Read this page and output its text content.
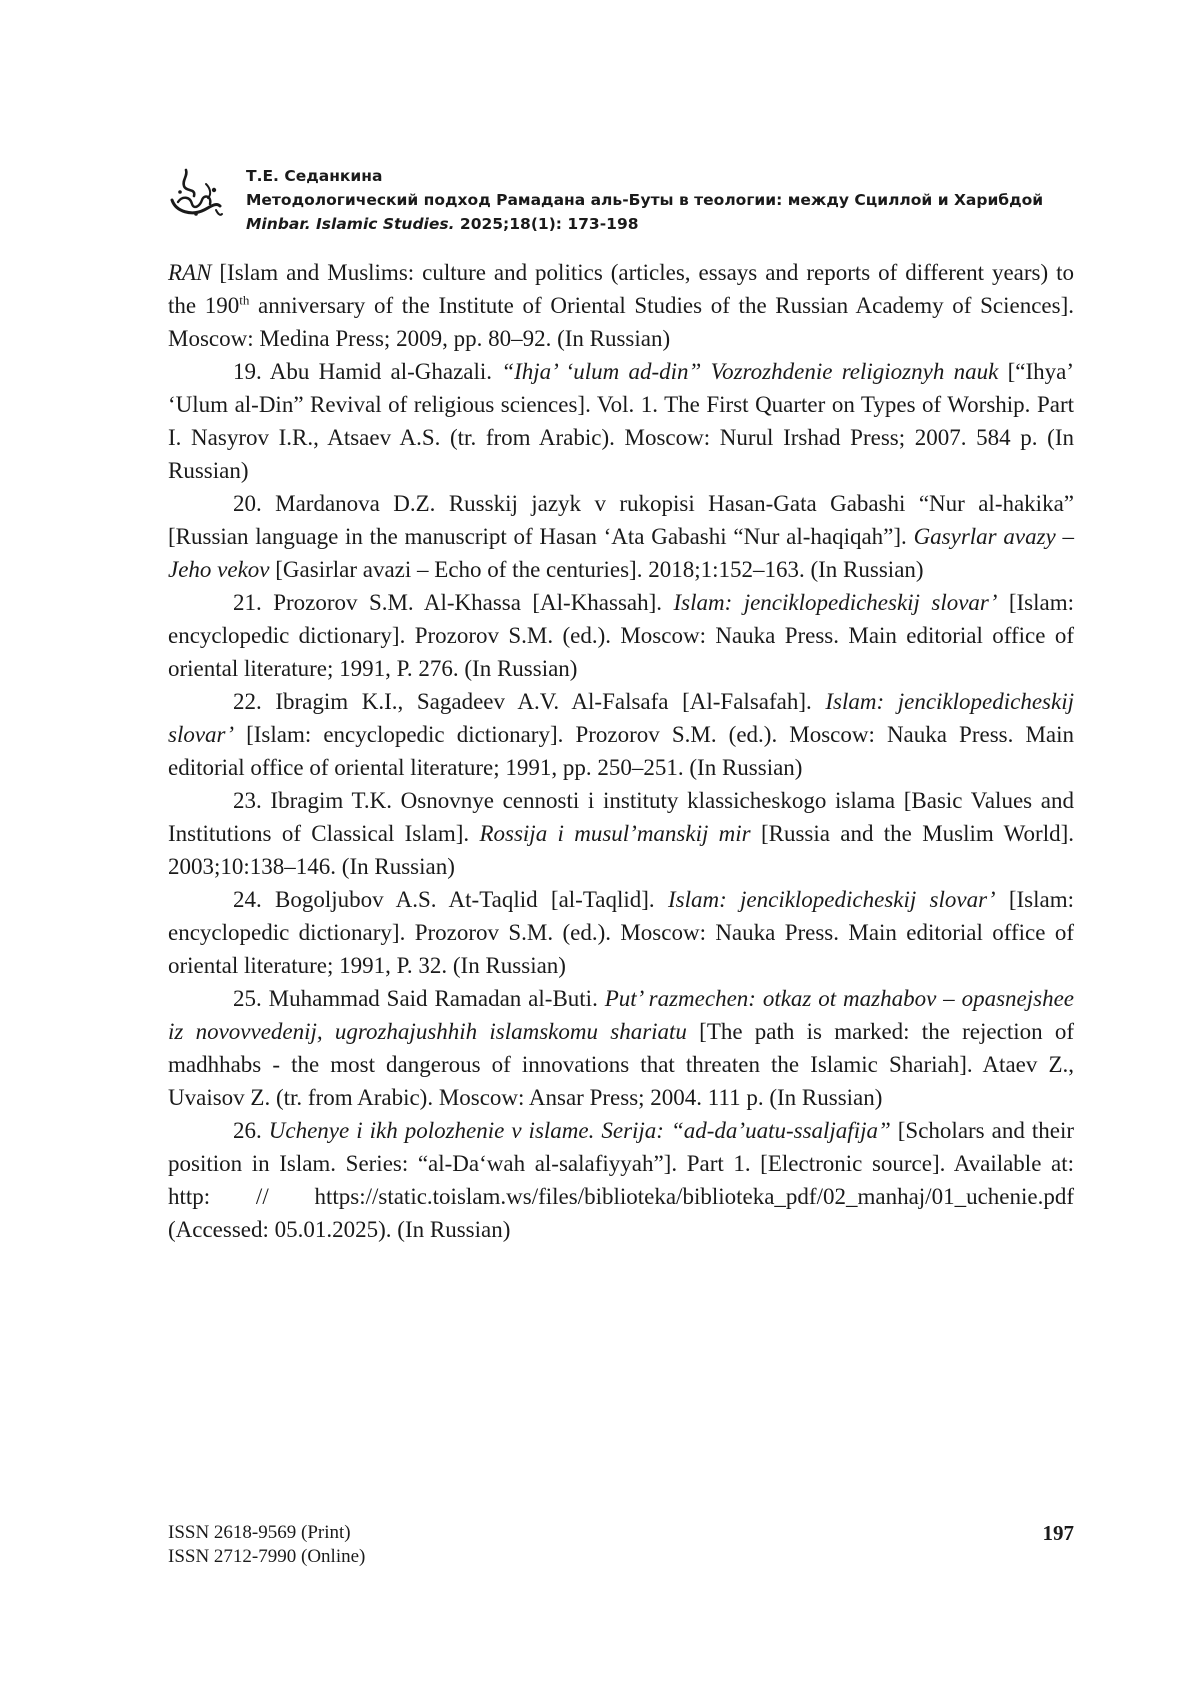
Т.Е. Седанкина
Методологический подход Рамадана аль-Буты в теологии: между Сциллой и Харибдой
Minbar. Islamic Studies. 2025;18(1): 173-198

RAN [Islam and Muslims: culture and politics (articles, essays and reports of different years) to the 190th anniversary of the Institute of Oriental Studies of the Russian Academy of Sciences]. Moscow: Medina Press; 2009, pp. 80–92. (In Russian)

19. Abu Hamid al-Ghazali. “Ihja’ ‘ulum ad-din” Vozrozhdenie religioznyh nauk [“Ihya’ ‘Ulum al-Din” Revival of religious sciences]. Vol. 1. The First Quarter on Types of Worship. Part I. Nasyrov I.R., Atsaev A.S. (tr. from Arabic). Moscow: Nurul Irshad Press; 2007. 584 p. (In Russian)

20. Mardanova D.Z. Russkij jazyk v rukopisi Hasan-Gata Gabashi “Nur al-hakika” [Russian language in the manuscript of Hasan ‘Ata Gabashi “Nur al-haqiqah”]. Gasyrlar avazy – Jeho vekov [Gasirlar avazi – Echo of the centuries]. 2018;1:152–163. (In Russian)

21. Prozorov S.M. Al-Khassa [Al-Khassah]. Islam: jenciklopedicheskij slovar’ [Islam: encyclopedic dictionary]. Prozorov S.M. (ed.). Moscow: Nauka Press. Main editorial office of oriental literature; 1991, P. 276. (In Russian)

22. Ibragim K.I., Sagadeev A.V. Al-Falsafa [Al-Falsafah]. Islam: jenciklopedicheskij slovar’ [Islam: encyclopedic dictionary]. Prozorov S.M. (ed.). Moscow: Nauka Press. Main editorial office of oriental literature; 1991, pp. 250–251. (In Russian)

23. Ibragim T.K. Osnovnye cennosti i instituty klassicheskogo islama [Basic Values and Institutions of Classical Islam]. Rossija i musul’manskij mir [Russia and the Muslim World]. 2003;10:138–146. (In Russian)

24. Bogoljubov A.S. At-Taqlid [al-Taqlid]. Islam: jenciklopedicheskij slovar’ [Islam: encyclopedic dictionary]. Prozorov S.M. (ed.). Moscow: Nauka Press. Main editorial office of oriental literature; 1991, P. 32. (In Russian)

25. Muhammad Said Ramadan al-Buti. Put’ razmechen: otkaz ot mazhabov – opasnejshee iz novovvedenij, ugrozhajushhih islamskomu shariatu [The path is marked: the rejection of madhhabs - the most dangerous of innovations that threaten the Islamic Shariah]. Ataev Z., Uvaisov Z. (tr. from Arabic). Moscow: Ansar Press; 2004. 111 p. (In Russian)

26. Uchenye i ikh polozhenie v islame. Serija: “ad-da’uatu-ssaljafija” [Scholars and their position in Islam. Series: “al-Da‘wah al-salafiyyah”]. Part 1. [Electronic source]. Available at: http: // https://static.toislam.ws/files/biblioteka/biblioteka_pdf/02_manhaj/01_uchenie.pdf (Accessed: 05.01.2025). (In Russian)

ISSN 2618-9569 (Print)
ISSN 2712-7990 (Online)
197
